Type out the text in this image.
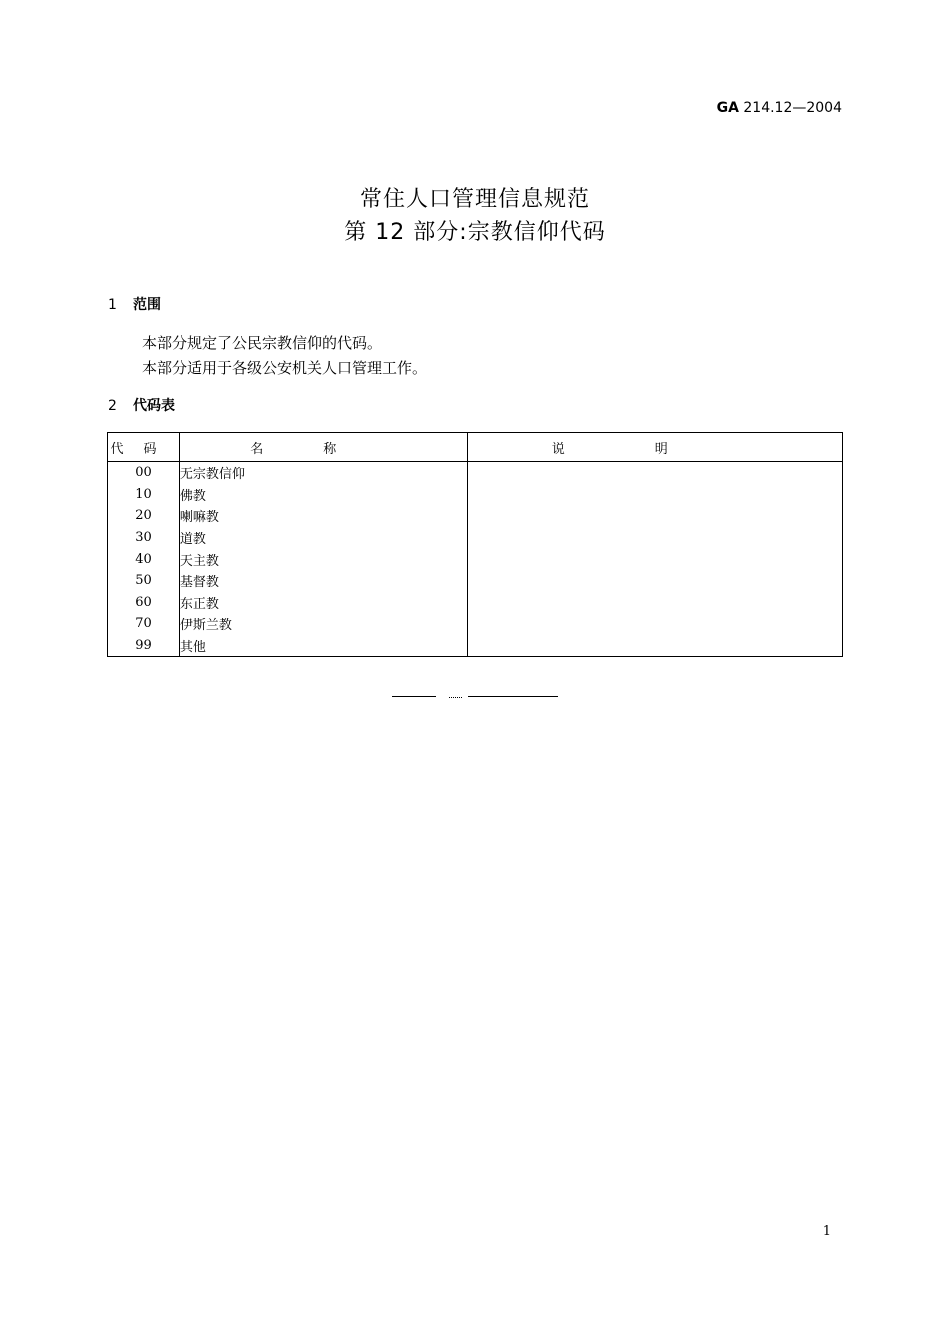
GA 214.12—2004
常住人口管理信息规范
第 12 部分:宗教信仰代码
1 范围
本部分规定了公民宗教信仰的代码。
本部分适用于各级公安机关人口管理工作。
2 代码表
代码	名称	说明
00	无宗教信仰	
10	佛教	
20	喇嘛教	
30	道教	
40	天主教	
50	基督教	
60	东正教	
70	伊斯兰教	
99	其他	
1
